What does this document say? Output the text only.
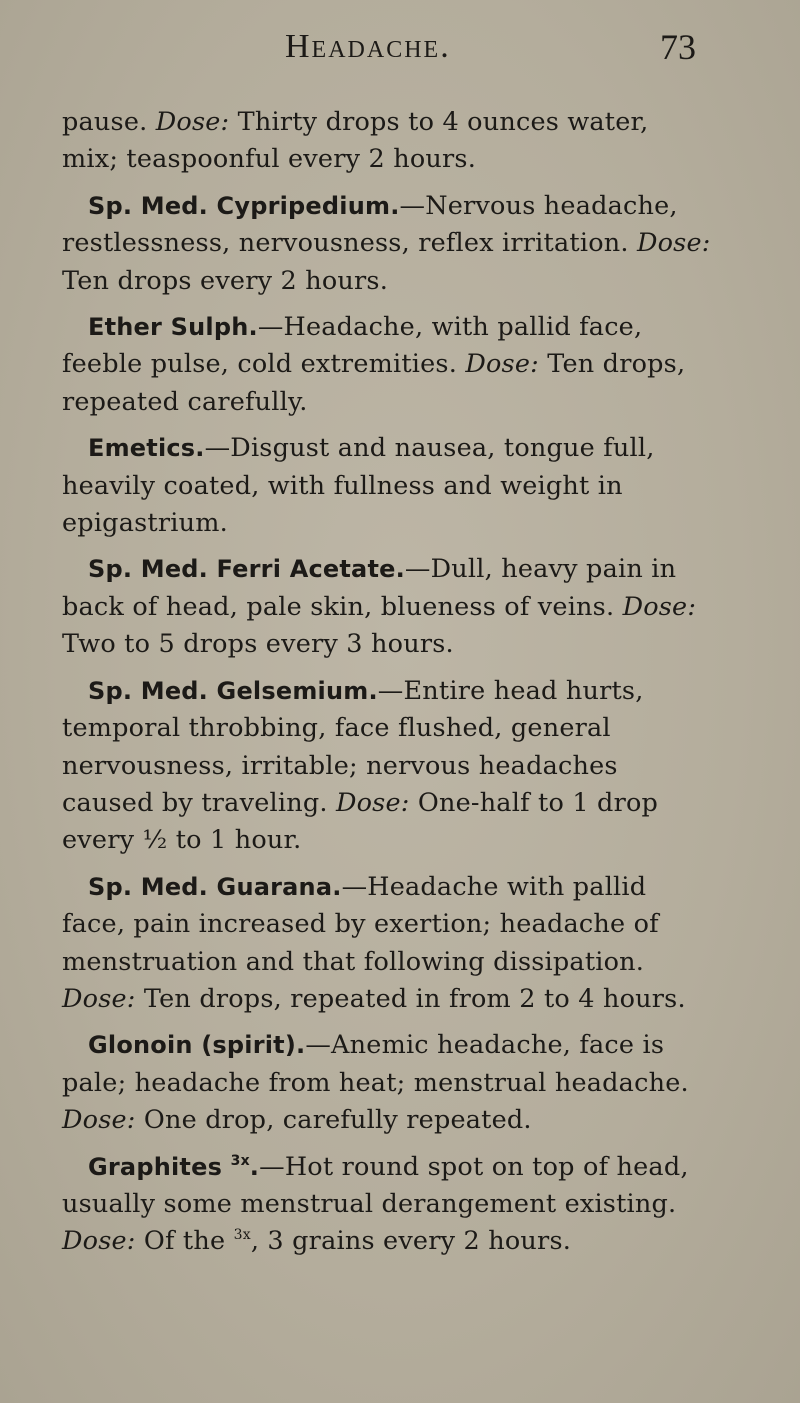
Headache.	73

pause. Dose: Thirty drops to 4 ounces water, mix; teaspoonful every 2 hours.

Sp. Med. Cypripedium.—Nervous headache, restlessness, nervousness, reflex irritation. Dose: Ten drops every 2 hours.

Ether Sulph.—Headache, with pallid face, feeble pulse, cold extremities. Dose: Ten drops, repeated carefully.

Emetics.—Disgust and nausea, tongue full, heavily coated, with fullness and weight in epigastrium.

Sp. Med. Ferri Acetate.—Dull, heavy pain in back of head, pale skin, blueness of veins. Dose: Two to 5 drops every 3 hours.

Sp. Med. Gelsemium.—Entire head hurts, temporal throbbing, face flushed, general nervousness, irritable; nervous headaches caused by traveling. Dose: One-half to 1 drop every ½ to 1 hour.

Sp. Med. Guarana.—Headache with pallid face, pain increased by exertion; headache of menstruation and that following dissipation. Dose: Ten drops, repeated in from 2 to 4 hours.

Glonoin (spirit).—Anemic headache, face is pale; headache from heat; menstrual headache. Dose: One drop, carefully repeated.

Graphites $^{3x}$.—Hot round spot on top of head, usually some menstrual derangement existing. Dose: Of the $^{3x}$, 3 grains every 2 hours.
